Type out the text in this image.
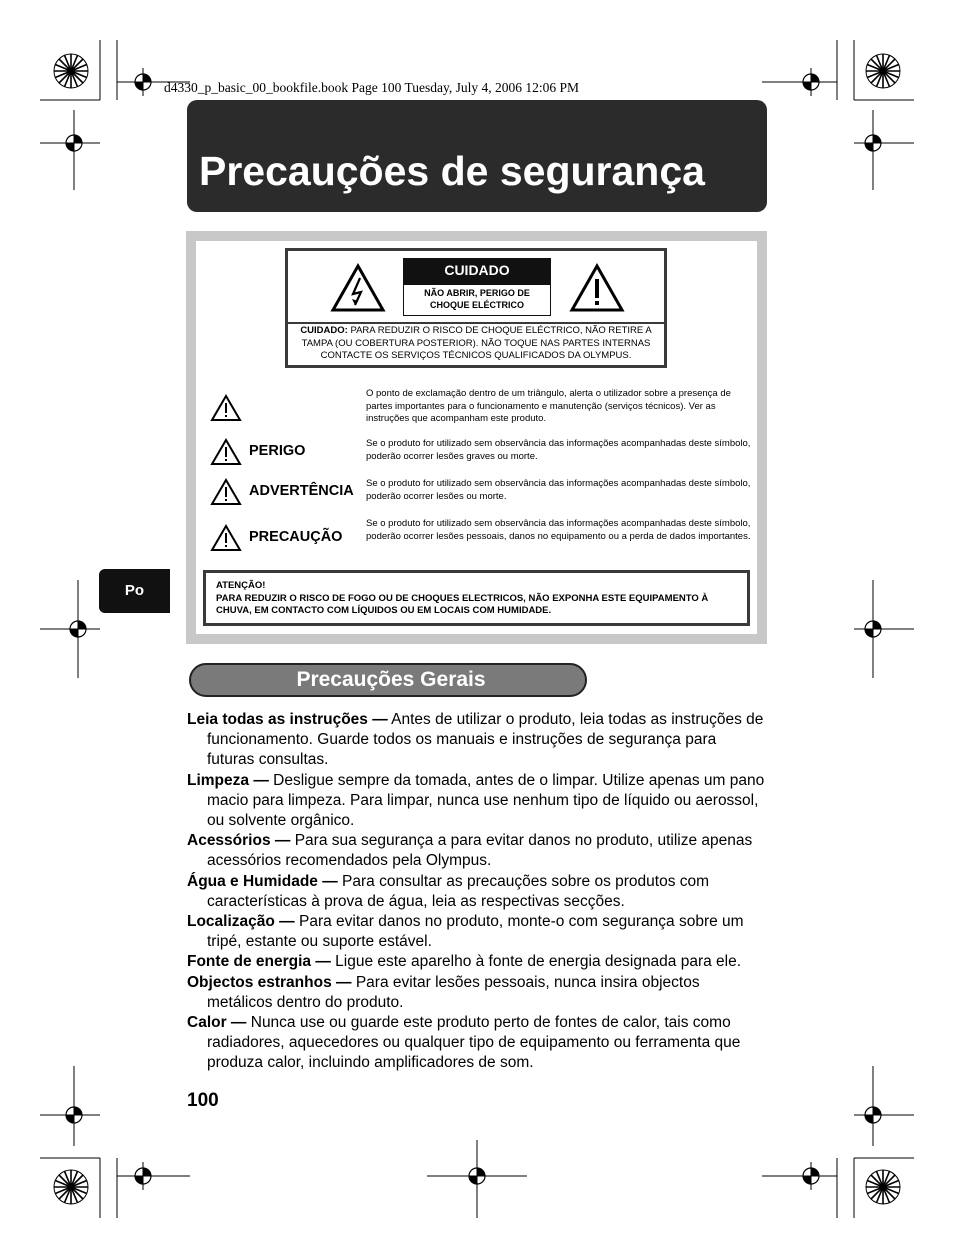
d4330_p_basic_00_bookfile.book Page 100 Tuesday, July 4, 2006 12:06 PM
Precauções de segurança
CUIDADO
NÃO ABRIR, PERIGO DE
CHOQUE ELÉCTRICO
CUIDADO: PARA REDUZIR O RISCO DE CHOQUE ELÉCTRICO, NÃO RETIRE A TAMPA (OU COBERTURA POSTERIOR). NÃO TOQUE NAS PARTES INTERNAS CONTACTE OS SERVIÇOS TÉCNICOS QUALIFICADOS DA OLYMPUS.
O ponto de exclamação dentro de um triângulo, alerta o utilizador sobre a presença de partes importantes para o funcionamento e manutenção (serviços técnicos). Ver as instruções que acompanham este produto.
PERIGO	Se o produto for utilizado sem observância das informações acompanhadas deste símbolo, poderão ocorrer lesões graves ou morte.
ADVERTÊNCIA Se o produto for utilizado sem observância das informações acompanhadas deste símbolo, poderão ocorrer lesões ou morte.
PRECAUÇÃO
Se o produto for utilizado sem observância das informações acompanhadas deste símbolo, poderão ocorrer lesões pessoais, danos no equipamento ou a perda de dados importantes.
ATENÇÃO!
PARA REDUZIR O RISCO DE FOGO OU DE CHOQUES ELECTRICOS, NÃO EXPONHA ESTE EQUIPAMENTO À CHUVA, EM CONTACTO COM LÍQUIDOS OU EM LOCAIS COM HUMIDADE.
Po
Precauções Gerais

Leia todas as instruções — Antes de utilizar o produto, leia todas as instruções de funcionamento. Guarde todos os manuais e instruções de segurança para futuras consultas.

Limpeza — Desligue sempre da tomada, antes de o limpar. Utilize apenas um pano macio para limpeza. Para limpar, nunca use nenhum tipo de líquido ou aerossol, ou solvente orgânico.

Acessórios — Para sua segurança a para evitar danos no produto, utilize apenas acessórios recomendados pela Olympus.

Água e Humidade — Para consultar as precauções sobre os produtos com características à prova de água, leia as respectivas secções.

Localização — Para evitar danos no produto, monte-o com segurança sobre um tripé, estante ou suporte estável.

Fonte de energia — Ligue este aparelho à fonte de energia designada para ele.

Objectos estranhos — Para evitar lesões pessoais, nunca insira objectos metálicos dentro do produto.

Calor — Nunca use ou guarde este produto perto de fontes de calor, tais como radiadores, aquecedores ou qualquer tipo de equipamento ou ferramenta que produza calor, incluindo amplificadores de som.

100
